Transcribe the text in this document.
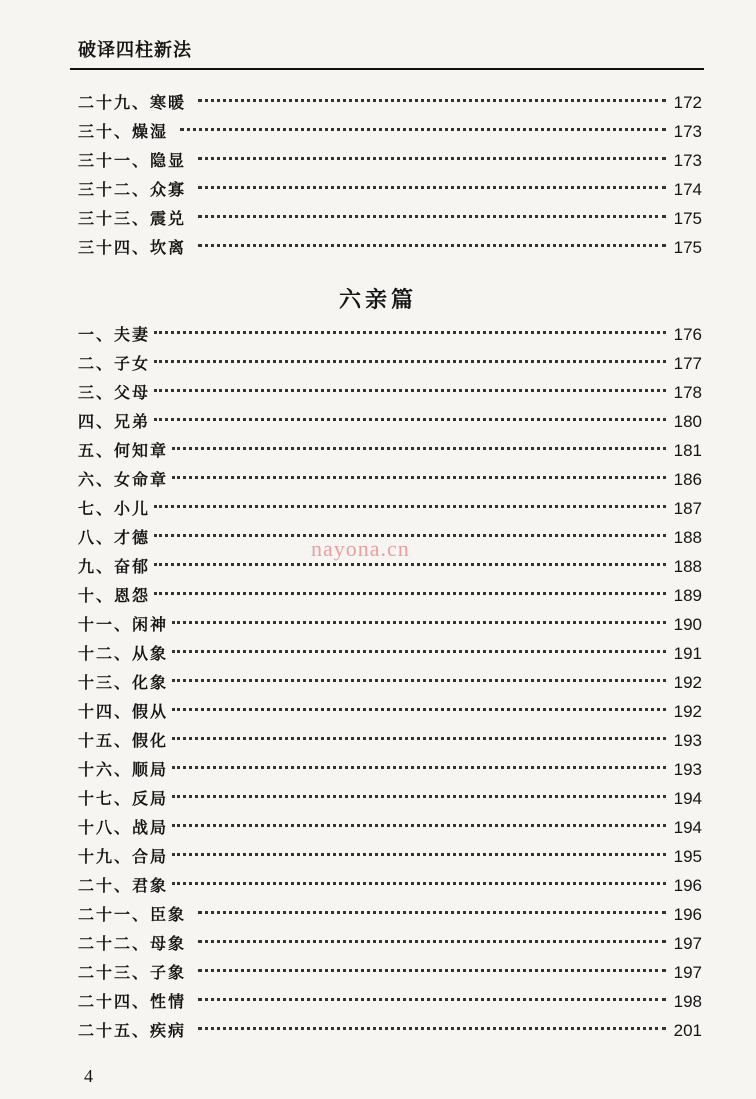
破译四柱新法
二十九、寒暖	172
三十、燥湿	173
三十一、隐显	173
三十二、众寡	174
三十三、震兑	175
三十四、坎离	175
六亲篇
一、夫妻	176
二、子女	177
三、父母	178
四、兄弟	180
五、何知章	181
六、女命章	186
七、小儿	187
八、才德	188
九、奋郁	188
十、恩怨	189
十一、闲神	190
十二、从象	191
十三、化象	192
十四、假从	192
十五、假化	193
十六、顺局	193
十七、反局	194
十八、战局	194
十九、合局	195
二十、君象	196
二十一、臣象	196
二十二、母象	197
二十三、子象	197
二十四、性情	198
二十五、疾病	201
nayona.cn
4
